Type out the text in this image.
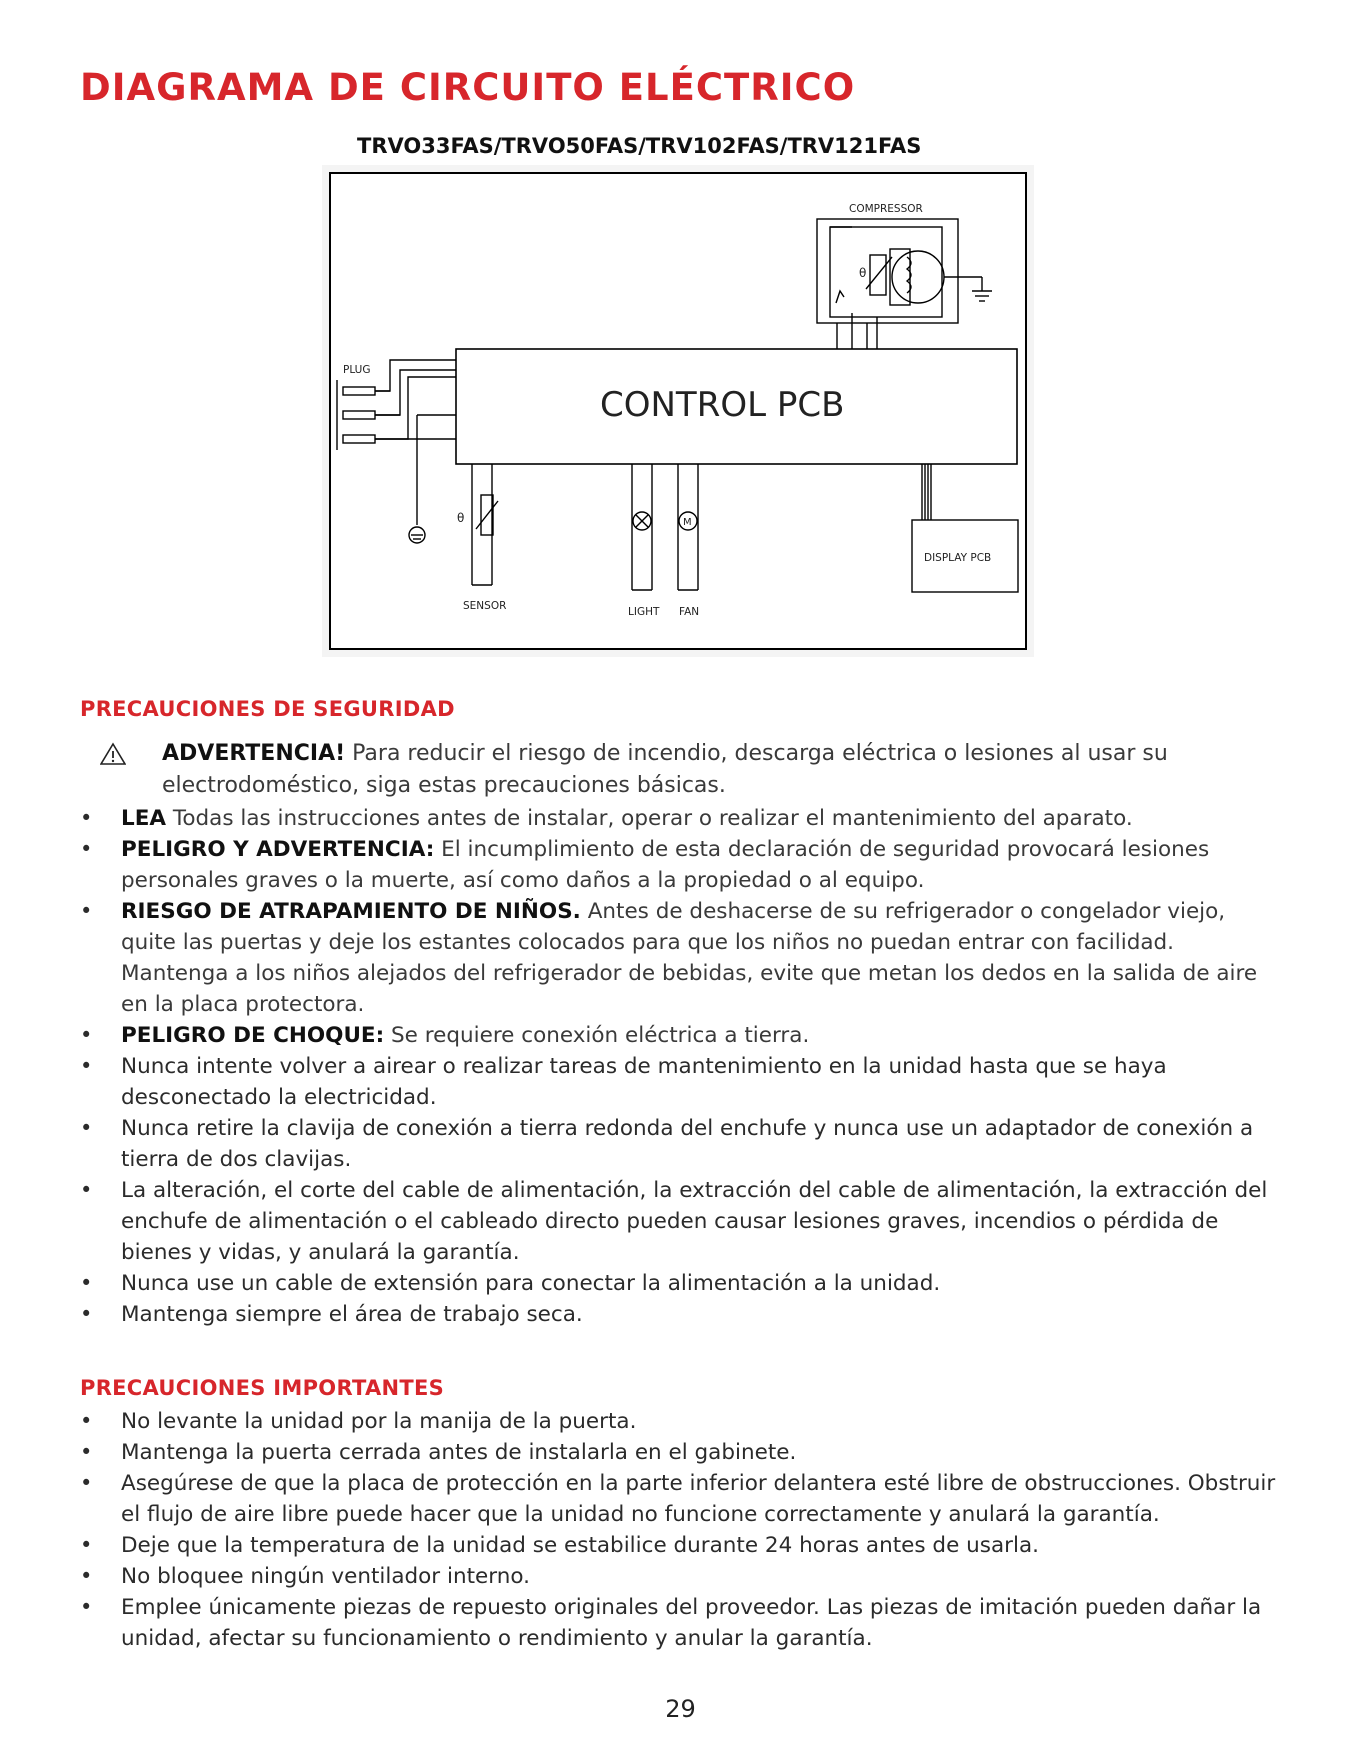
DIAGRAMA DE CIRCUITO ELÉCTRICO
TRVO33FAS/TRVO50FAS/TRV102FAS/TRV121FAS
COMPRESSOR
θ
CONTROL PCB
PLUG
θ
SENSOR	LIGHT
M
FAN
DISPLAY PCB
PRECAUCIONES DE SEGURIDAD
ADVERTENCIA! Para reducir el riesgo de incendio, descarga eléctrica o lesiones al usar su electrodoméstico, siga estas precauciones básicas.
• LEA Todas las instrucciones antes de instalar, operar o realizar el mantenimiento del aparato.
• PELIGRO Y ADVERTENCIA: El incumplimiento de esta declaración de seguridad provocará lesiones personales graves o la muerte, así como daños a la propiedad o al equipo.
• RIESGO DE ATRAPAMIENTO DE NIÑOS. Antes de deshacerse de su refrigerador o congelador viejo, quite las puertas y deje los estantes colocados para que los niños no puedan entrar con facilidad. Mantenga a los niños alejados del refrigerador de bebidas, evite que metan los dedos en la salida de aire en la placa protectora.
• PELIGRO DE CHOQUE: Se requiere conexión eléctrica a tierra.
• Nunca intente volver a airear o realizar tareas de mantenimiento en la unidad hasta que se haya desconectado la electricidad.
• Nunca retire la clavija de conexión a tierra redonda del enchufe y nunca use un adaptador de conexión a tierra de dos clavijas.
• La alteración, el corte del cable de alimentación, la extracción del cable de alimentación, la extracción del enchufe de alimentación o el cableado directo pueden causar lesiones graves, incendios o pérdida de bienes y vidas, y anulará la garantía.
• Nunca use un cable de extensión para conectar la alimentación a la unidad.
• Mantenga siempre el área de trabajo seca.
PRECAUCIONES IMPORTANTES
• No levante la unidad por la manija de la puerta.
• Mantenga la puerta cerrada antes de instalarla en el gabinete.
• Asegúrese de que la placa de protección en la parte inferior delantera esté libre de obstrucciones. Obstruir el flujo de aire libre puede hacer que la unidad no funcione correctamente y anulará la garantía.
• Deje que la temperatura de la unidad se estabilice durante 24 horas antes de usarla.
• No bloquee ningún ventilador interno.
• Emplee únicamente piezas de repuesto originales del proveedor. Las piezas de imitación pueden dañar la unidad, afectar su funcionamiento o rendimiento y anular la garantía.
29
